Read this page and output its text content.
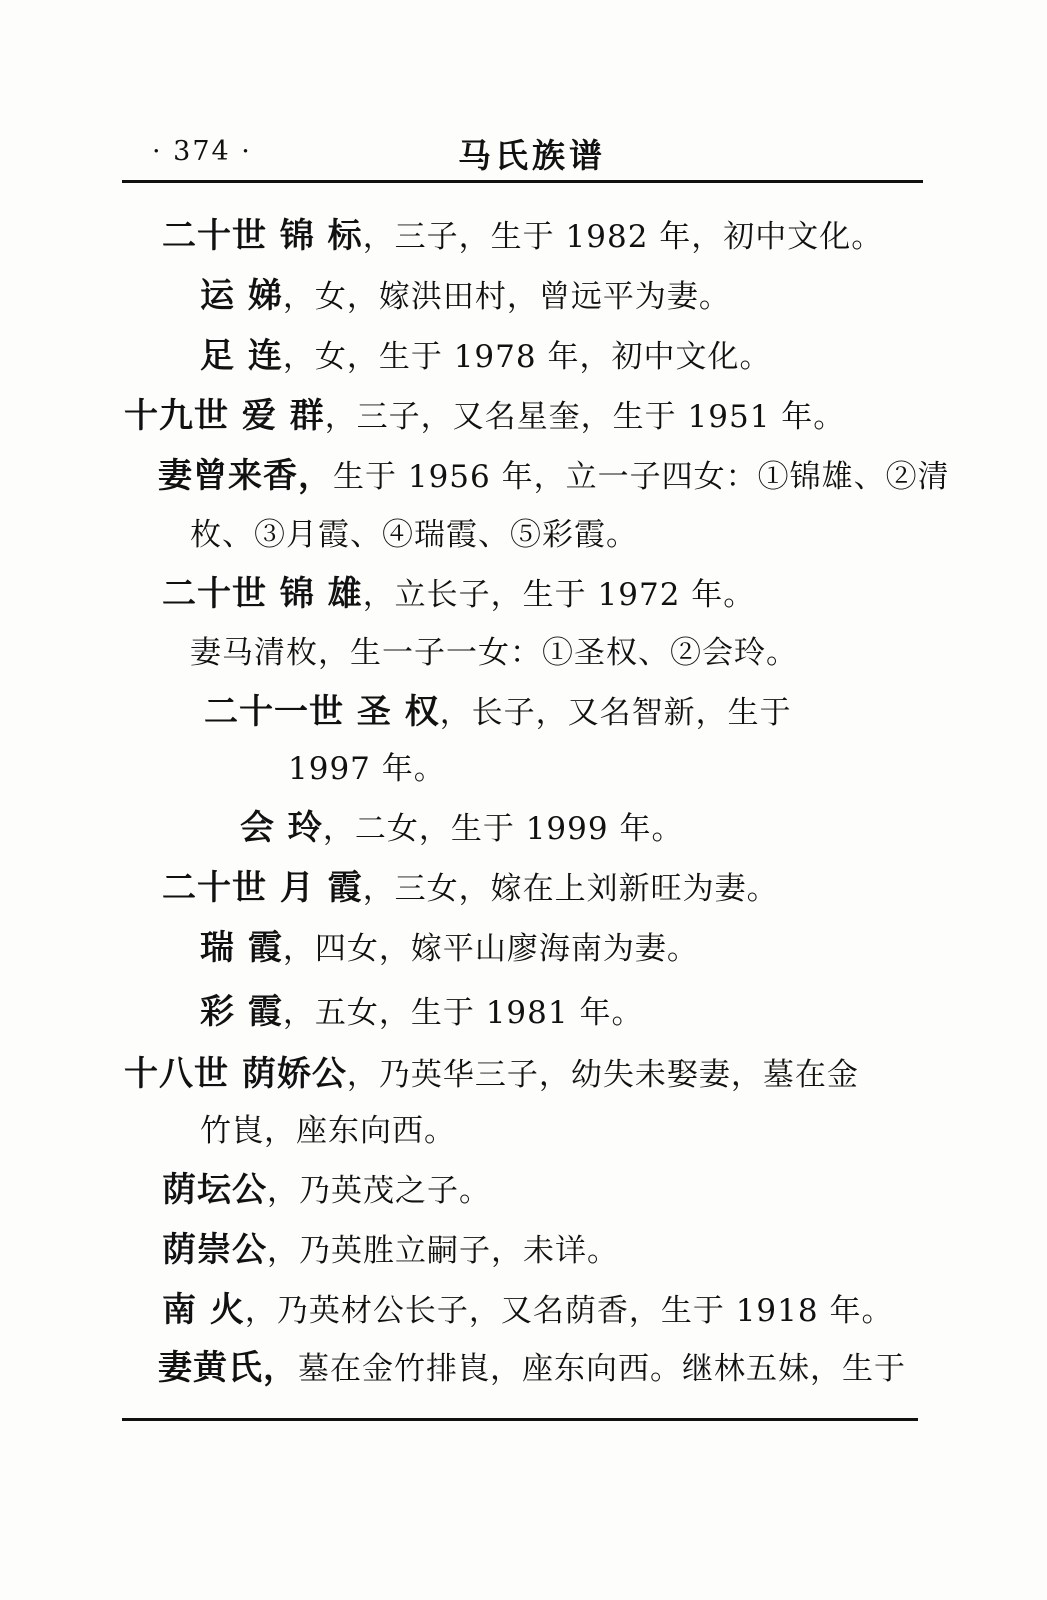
· 374 ·	马氏族谱
二十世 锦 标，三子，生于 1982 年，初中文化。
运 娣，女，嫁洪田村，曾远平为妻。
足 连，女，生于 1978 年，初中文化。
十九世 爱 群，三子，又名星奎，生于 1951 年。
妻曾来香，生于 1956 年，立一子四女：①锦雄、②清
枚、③月霞、④瑞霞、⑤彩霞。
二十世 锦 雄，立长子，生于 1972 年。
妻马清枚，生一子一女：①圣权、②会玲。
二十一世 圣 权，长子，又名智新，生于
1997 年。
会 玲，二女，生于 1999 年。
二十世 月 霞，三女，嫁在上刘新旺为妻。
瑞 霞，四女，嫁平山廖海南为妻。
彩 霞，五女，生于 1981 年。
十八世 荫娇公，乃英华三子，幼失未娶妻，墓在金
竹崀，座东向西。
荫坛公，乃英茂之子。
荫崇公，乃英胜立嗣子，未详。
南 火，乃英材公长子，又名荫香，生于 1918 年。
妻黄氏，墓在金竹排崀，座东向西。继林五妹，生于
